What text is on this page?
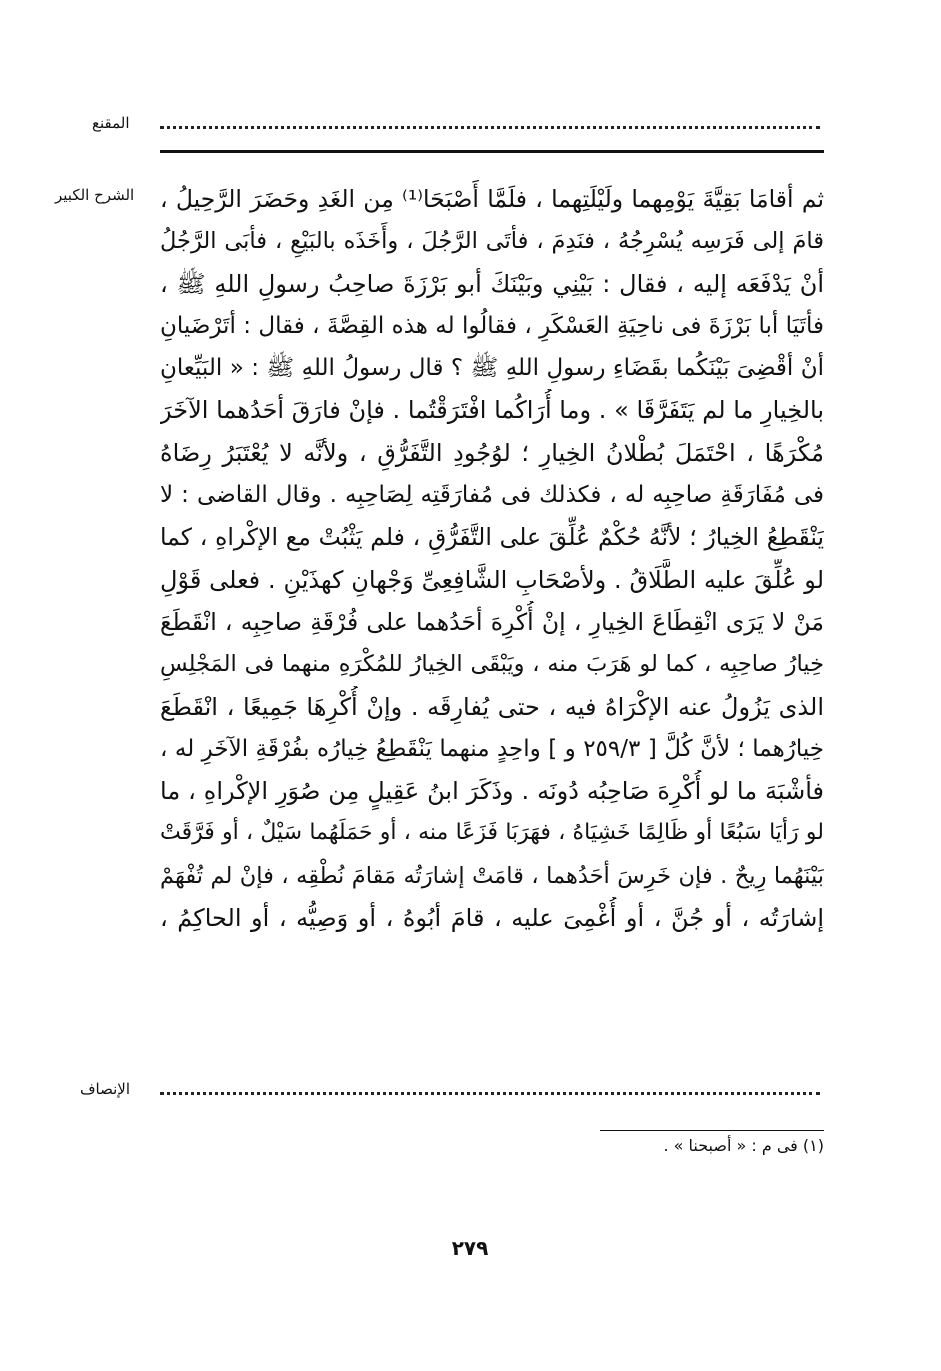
المقنع
الشرح الكبير ثم أقامَا بَقِيَّةَ يَوْمِهما ولَيْلَتِهما ، فلَمَّا أَصْبَحَا⁽¹⁾ مِن الغَدِ وحَضَرَ الرَّحِيلُ ،
قامَ إلى فَرَسِه يُسْرِجُهُ ، فنَدِمَ ، فأتَى الرَّجُلَ ، وأَخَذَه بالبَيْعِ ، فأبَى الرَّجُلُ
أنْ يَدْفَعَه إليه ، فقال : بَيْنِي وبَيْنَكَ أبو بَرْزَةَ صاحِبُ رسولِ اللهِ ﷺ ،
فأتَيَا أبا بَرْزَةَ فى ناحِيَةِ العَسْكَرِ ، فقالُوا له هذه القِصَّةَ ، فقال : أتَرْضَيانِ
أنْ أقْضِىَ بَيْنَكُما بقَضَاءِ رسولِ اللهِ ﷺ ؟ قال رسولُ اللهِ ﷺ : « البَيِّعانِ
بالخِيارِ ما لم يَتَفَرَّقَا » . وما أُرَاكُما افْتَرَقْتُما . فإنْ فارَقَ أحَدُهما الآخَرَ
مُكْرَهًا ، احْتَمَلَ بُطْلانُ الخِيارِ ؛ لوُجُودِ التَّفَرُّقِ ، ولأنَّه لا يُعْتَبَرُ رِضَاهُ
فى مُفَارَقَةِ صاحِبِه له ، فكذلك فى مُفارَقَتِه لِصَاحِبِه . وقال القاضى : لا
يَنْقَطِعُ الخِيارُ ؛ لأنَّهُ حُكْمٌ عُلِّقَ على التَّفَرُّقِ ، فلم يَثْبُتْ مع الإكْراهِ ، كما
لو عُلِّقَ عليه الطَّلَاقُ . ولأصْحَابِ الشَّافِعِىِّ وَجْهانِ كهذَيْنِ . فعلى قَوْلِ
مَنْ لا يَرَى انْقِطَاعَ الخِيارِ ، إنْ أُكْرِهَ أحَدُهما على فُرْقَةِ صاحِبِه ، انْقَطَعَ
خِيارُ صاحِبِه ، كما لو هَرَبَ منه ، ويَبْقَى الخِيارُ للمُكْرَهِ منهما فى المَجْلِسِ
الذى يَزُولُ عنه الإكْرَاهُ فيه ، حتى يُفارِقَه . وإنْ أُكْرِهَا جَمِيعًا ، انْقَطَعَ
خِيارُهما ؛ لأنَّ كُلَّ [ ٢٥٩/٣ و ] واحِدٍ منهما يَنْقَطِعُ خِيارُه بفُرْقَةِ الآخَرِ له ،
فأشْبَهَ ما لو أُكْرِهَ صَاحِبُه دُونَه . وذَكَرَ ابنُ عَقِيلٍ مِن صُوَرِ الإكْراهِ ، ما
لو رَأيَا سَبُعًا أو ظَالِمًا خَشِيَاهُ ، فهَرَبَا فَزَعًا منه ، أو حَمَلَهُما سَيْلٌ ، أو فَرَّقَتْ
بَيْنَهُما رِيحٌ . فإن خَرِسَ أحَدُهما ، قامَتْ إشارَتُه مَقامَ نُطْقِه ، فإنْ لم تُفْهَمْ
إشارَتُه ، أو جُنَّ ، أو أُغْمِىَ عليه ، قامَ أبُوهُ ، أو وَصِيُّه ، أو الحاكِمُ ،
الإنصاف
(١) فى م : « أصبحنا » .
٢٧٩
